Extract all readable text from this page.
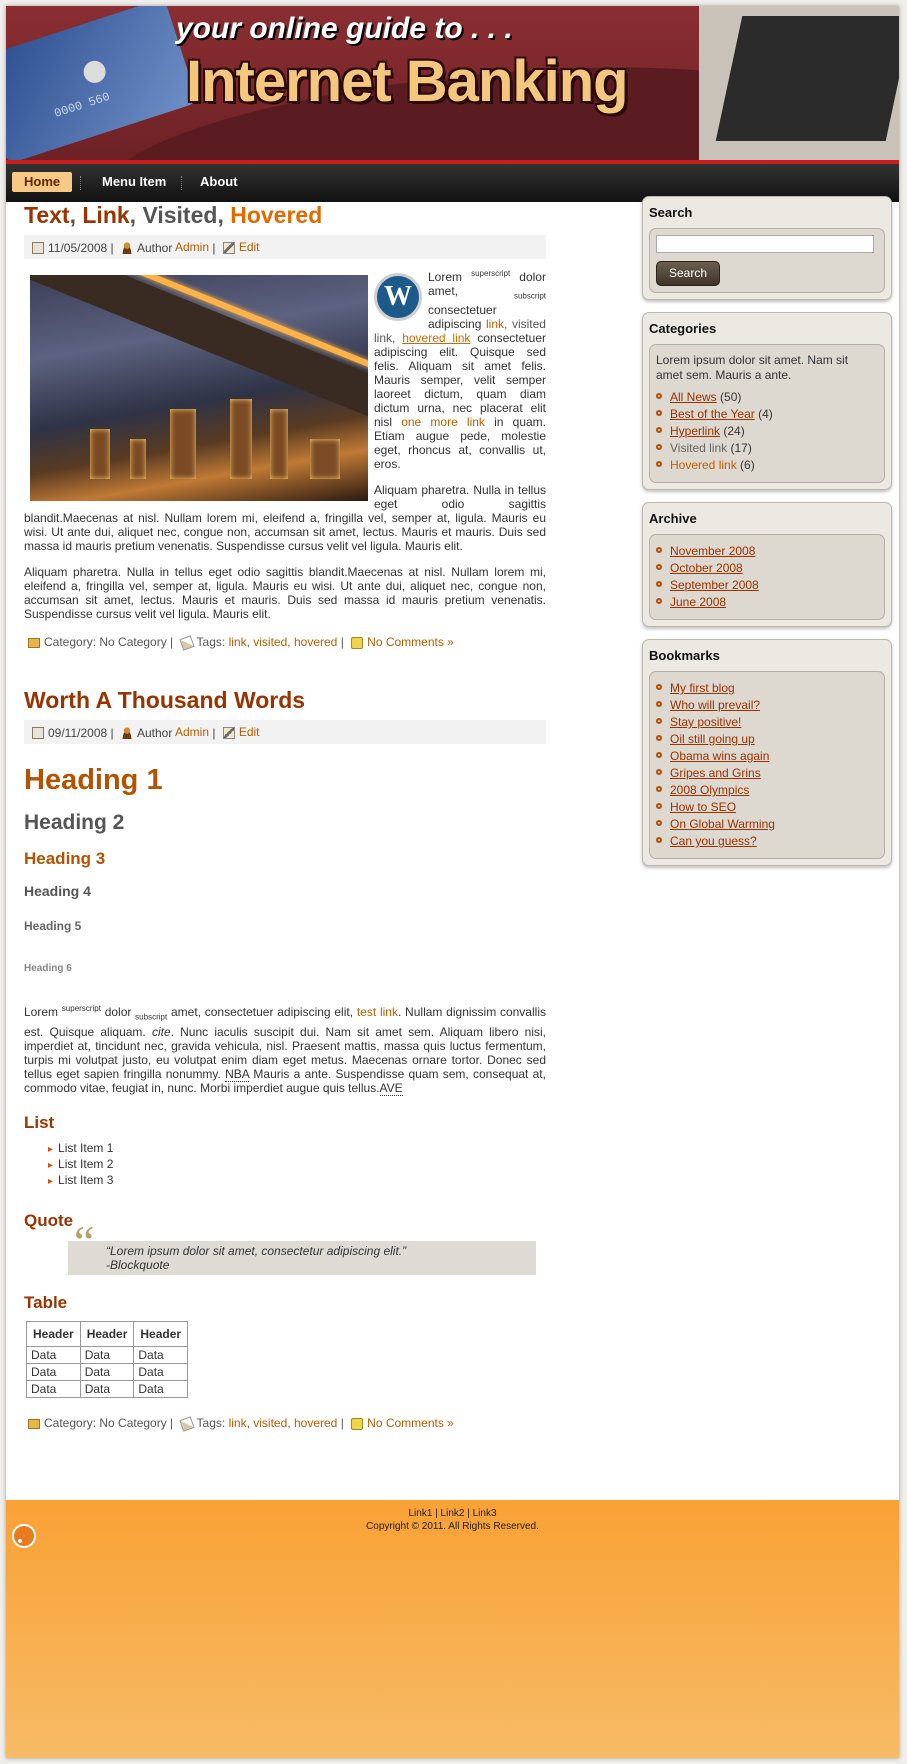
0000 560
your online guide to . . .
Internet Banking
Home	Menu Item	About
Text, Link, Visited, Hovered
11/05/2008 | Author Admin | Edit

W
Lorem $^{superscript}$ dolor amet,	$_{subscript}$ consectetuer adipiscing link, visited link, hovered link consectetuer adipiscing elit. Quisque sed felis. Aliquam sit amet felis. Mauris semper, velit semper laoreet dictum, quam diam dictum urna, nec placerat elit nisl one more link in quam. Etiam augue pede, molestie eget, rhoncus at, convallis ut, eros.

Aliquam pharetra. Nulla in tellus eget odio sagittis blandit.Maecenas at nisl. Nullam lorem mi, eleifend a, fringilla vel, semper at, ligula. Mauris eu wisi. Ut ante dui, aliquet nec, congue non, accumsan sit amet, lectus. Mauris et mauris. Duis sed massa id mauris pretium venenatis. Suspendisse cursus velit vel ligula. Mauris elit.

Aliquam pharetra. Nulla in tellus eget odio sagittis blandit.Maecenas at nisl. Nullam lorem mi, eleifend a, fringilla vel, semper at, ligula. Mauris eu wisi. Ut ante dui, aliquet nec, congue non, accumsan sit amet, lectus. Mauris et mauris. Duis sed massa id mauris pretium venenatis. Suspendisse cursus velit vel ligula. Mauris elit.

Category: No Category | Tags: link, visited, hovered | No Comments »
Worth A Thousand Words
09/11/2008 | Author Admin | Edit
Heading 1
Heading 2
Heading 3
Heading 4
Heading 5
Heading 6

Lorem $^{superscript}$ dolor $_{subscript}$ amet, consectetuer adipiscing elit, test link. Nullam dignissim convallis est. Quisque aliquam. cite. Nunc iaculis suscipit dui. Nam sit amet sem. Aliquam libero nisi, imperdiet at, tincidunt nec, gravida vehicula, nisl. Praesent mattis, massa quis luctus fermentum, turpis mi volutpat justo, eu volutpat enim diam eget metus. Maecenas ornare tortor. Donec sed tellus eget sapien fringilla nonummy. NBA Mauris a ante. Suspendisse quam sem, consequat at, commodo vitae, feugiat in, nunc. Morbi imperdiet augue quis tellus.AVE

List
▸ List Item 1
▸ List Item 2
▸ List Item 3
Quote “ “Lorem ipsum dolor sit amet, consectetur adipiscing elit.”
-Blockquote
Table
Header	Header	Header
Data	Data	Data
Data	Data	Data
Data	Data	Data
Category: No Category | Tags: link, visited, hovered | No Comments »
Search
Search
Categories
Lorem ipsum dolor sit amet. Nam sit amet sem. Mauris a ante.
All News (50)
Best of the Year (4)
Hyperlink (24)
Visited link (17)
Hovered link (6)
Archive
November 2008
October 2008
September 2008
June 2008
Bookmarks
My first blog
Who will prevail?
Stay positive!
Oil still going up
Obama wins again
Gripes and Grins
2008 Olympics
How to SEO
On Global Warming
Can you guess?
Link1 | Link2 | Link3
Copyright © 2011. All Rights Reserved.
